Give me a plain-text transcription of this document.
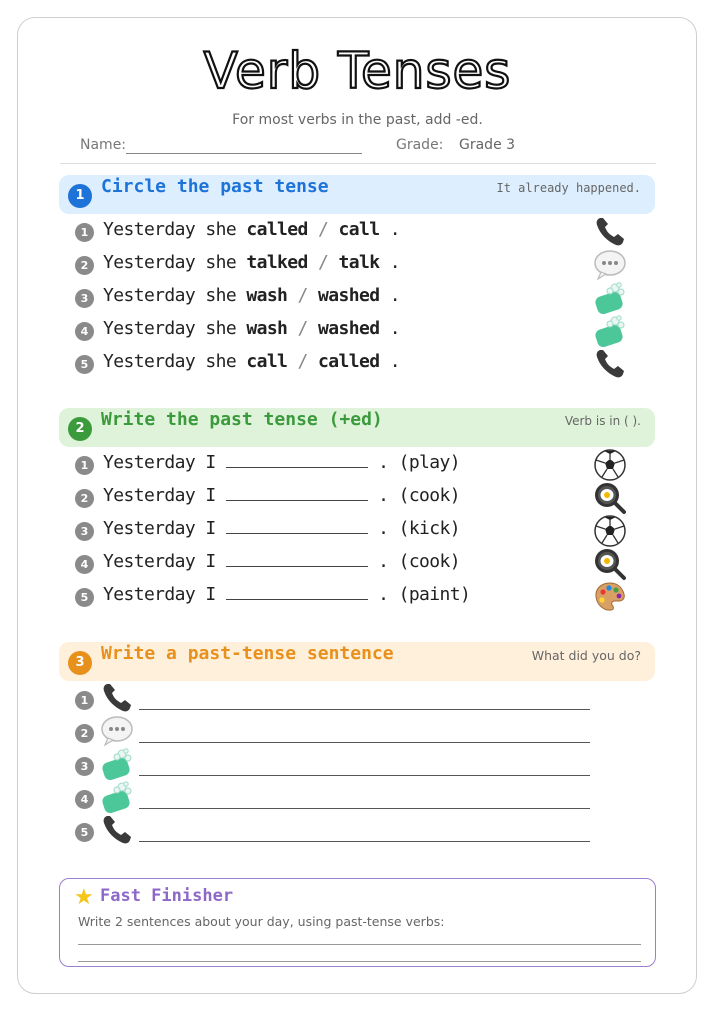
Verb Tenses
For most verbs in the past, add -ed.
Name:	Grade: Grade 3
1 Circle the past tense	It already happened.
1 Yesterday she called / call .
2 Yesterday she talked / talk .
3 Yesterday she wash / washed .
4 Yesterday she wash / washed .
5 Yesterday she call / called .
2 Write the past tense (+ed)	Verb is in ( ).
1 Yesterday I	. (play)
2 Yesterday I	. (cook)
3 Yesterday I	. (kick)
4 Yesterday I	. (cook)
5 Yesterday I	. (paint)
3 Write a past-tense sentence	What did you do?
1
2
3
4
5
★ Fast Finisher
Write 2 sentences about your day, using past-tense verbs:
